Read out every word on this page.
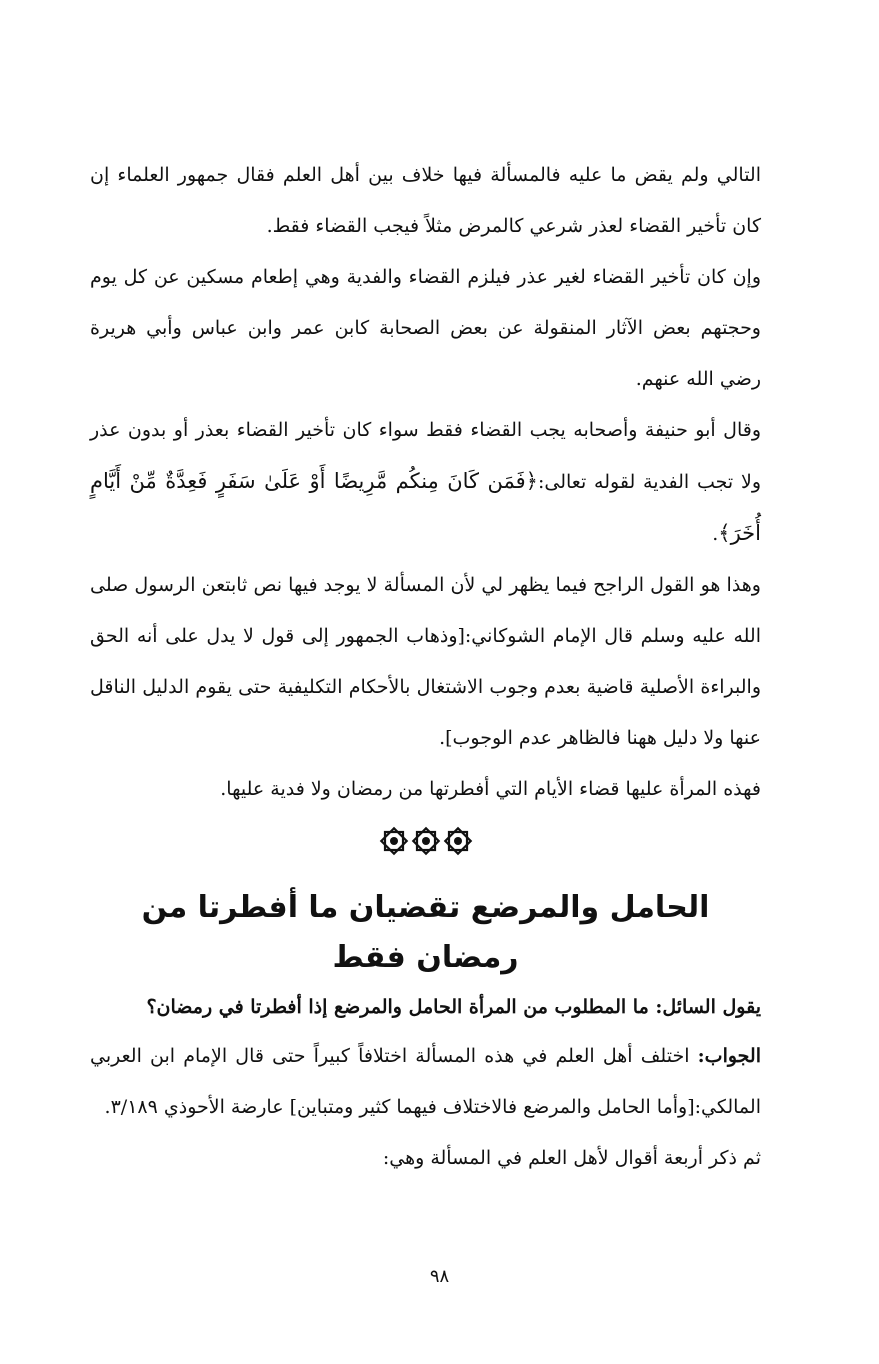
التالي ولم يقض ما عليه فالمسألة فيها خلاف بين أهل العلم فقال جمهور العلماء إن كان تأخير القضاء لعذر شرعي كالمرض مثلاً فيجب القضاء فقط.

وإن كان تأخير القضاء لغير عذر فيلزم القضاء والفدية وهي إطعام مسكين عن كل يوم وحجتهم بعض الآثار المنقولة عن بعض الصحابة كابن عمر وابن عباس وأبي هريرة رضي الله عنهم.

وقال أبو حنيفة وأصحابه يجب القضاء فقط سواء كان تأخير القضاء بعذر أو بدون عذر ولا تجب الفدية لقوله تعالى:﴿فَمَن كَانَ مِنكُم مَّرِيضًا أَوْ عَلَىٰ سَفَرٍ فَعِدَّةٌ مِّنْ أَيَّامٍ أُخَرَ﴾.

وهذا هو القول الراجح فيما يظهر لي لأن المسألة لا يوجد فيها نص ثابتعن الرسول صلى الله عليه وسلم قال الإمام الشوكاني:[وذهاب الجمهور إلى قول لا يدل على أنه الحق والبراءة الأصلية قاضية بعدم وجوب الاشتغال بالأحكام التكليفية حتى يقوم الدليل الناقل عنها ولا دليل ههنا فالظاهر عدم الوجوب].

فهذه المرأة عليها قضاء الأيام التي أفطرتها من رمضان ولا فدية عليها.

الحامل والمرضع تقضيان ما أفطرتا من رمضان فقط

يقول السائل: ما المطلوب من المرأة الحامل والمرضع إذا أفطرتا في رمضان؟

الجواب: اختلف أهل العلم في هذه المسألة اختلافاً كبيراً حتى قال الإمام ابن العربي المالكي:[وأما الحامل والمرضع فالاختلاف فيهما كثير ومتباين] عارضة الأحوذي ٣/١٨٩.

ثم ذكر أربعة أقوال لأهل العلم في المسألة وهي:

٩٨
